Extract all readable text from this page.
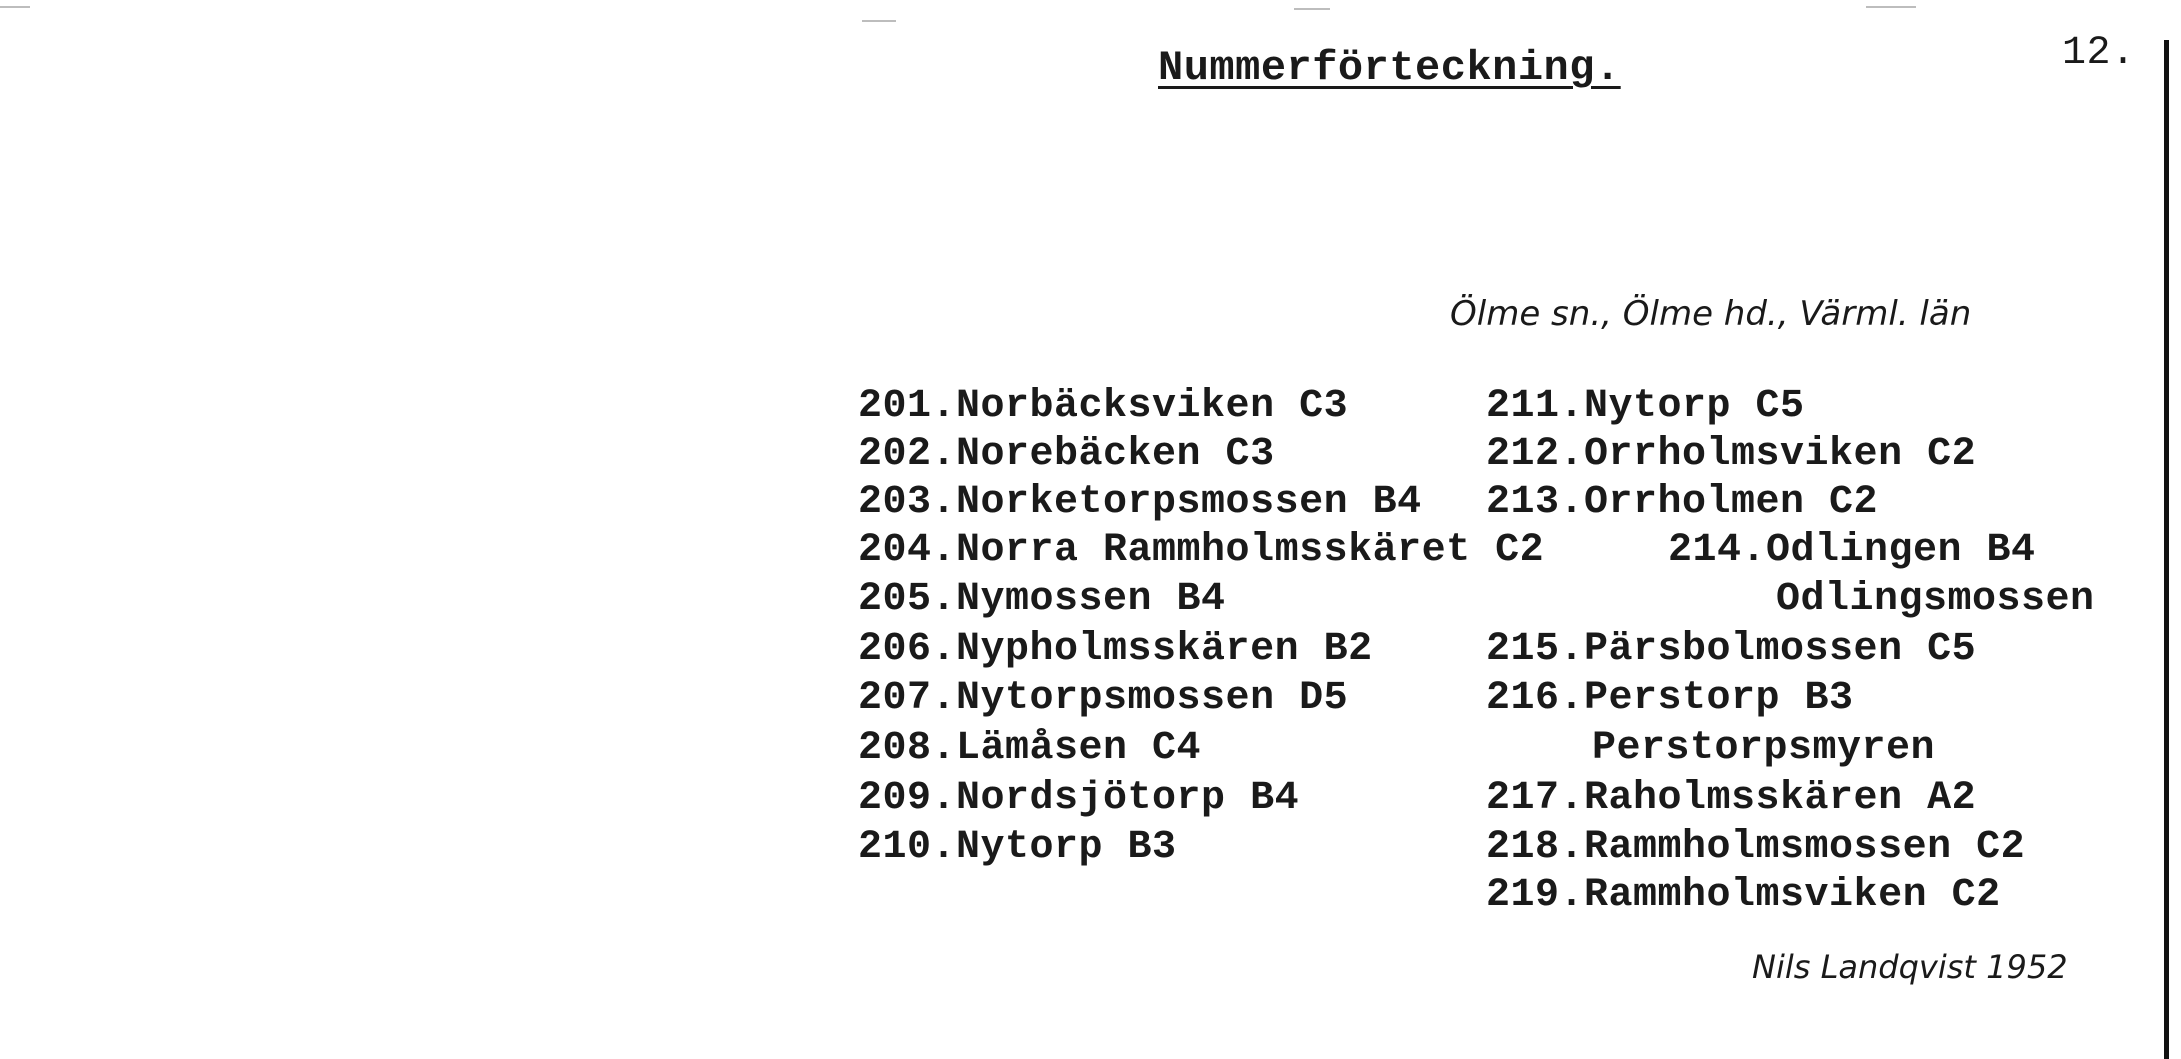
Nummerförteckning.	12.
Ölme sn., Ölme hd., Värml. län
201.Norbäcksviken C3
202.Norebäcken C3
203.Norketorpsmossen B4
204.Norra Rammholmsskäret C2
205.Nymossen B4
206.Nypholmsskären B2
207.Nytorpsmossen D5
208.Lämåsen C4
209.Nordsjötorp B4
210.Nytorp B3
211.Nytorp C5
212.Orrholmsviken C2
213.Orrholmen C2
214.Odlingen B4
Odlingsmossen
215.Pärsbolmossen C5
216.Perstorp B3
Perstorpsmyren
217.Raholmsskären A2
218.Rammholmsmossen C2
219.Rammholmsviken C2
Nils Landqvist 1952
